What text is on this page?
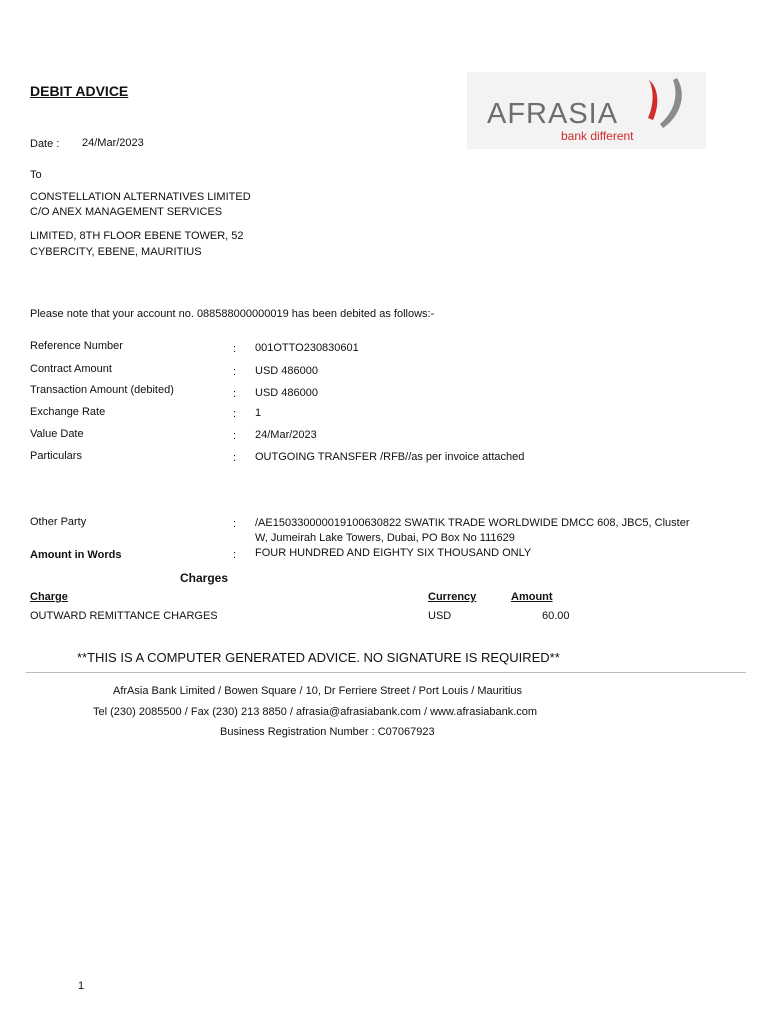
DEBIT ADVICE
AFRASIA
bank different
Date : 24/Mar/2023
To
CONSTELLATION ALTERNATIVES LIMITED
C/O ANEX MANAGEMENT SERVICES
LIMITED, 8TH FLOOR EBENE TOWER, 52
CYBERCITY, EBENE, MAURITIUS
Please note that your account no. 088588000000019 has been debited as follows:-
Reference Number	: 001OTTO230830601
Contract Amount	: USD 486000
Transaction Amount (debited)	: USD 486000
Exchange Rate	: 1
Value Date	: 24/Mar/2023
Particulars	: OUTGOING TRANSFER /RFB//as per invoice attached
Other Party	: /AE150330000019100630822 SWATIK TRADE WORLDWIDE DMCC 608, JBC5, Cluster
W, Jumeirah Lake Towers, Dubai, PO Box No 111629
Amount in Words	: FOUR HUNDRED AND EIGHTY SIX THOUSAND ONLY
Charges
Charge	Currency	Amount
OUTWARD REMITTANCE CHARGES	USD	60.00
**THIS IS A COMPUTER GENERATED ADVICE. NO SIGNATURE IS REQUIRED**
AfrAsia Bank Limited / Bowen Square / 10, Dr Ferriere Street / Port Louis / Mauritius
Tel (230) 2085500 / Fax (230) 213 8850 / afrasia@afrasiabank.com / www.afrasiabank.com
Business Registration Number : C07067923
1
